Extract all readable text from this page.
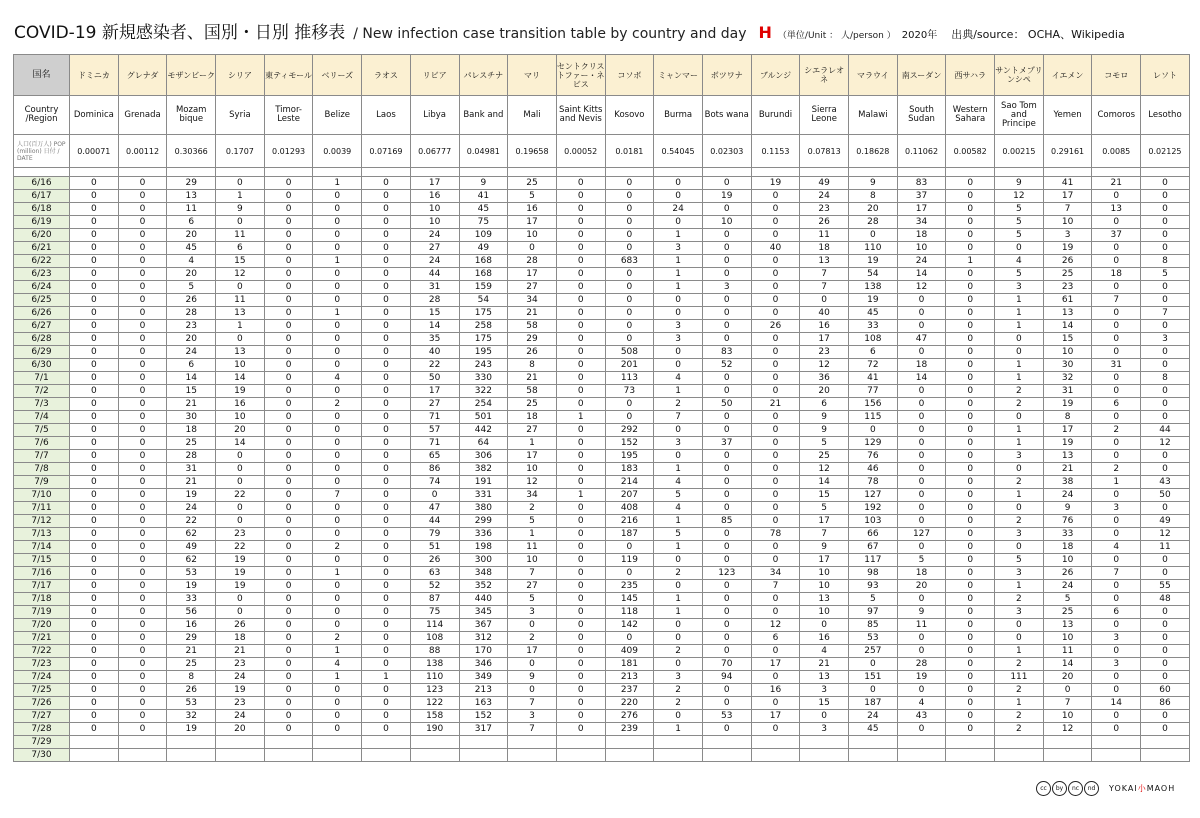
COVID-19 新規感染者、国別・日別 推移表 / New infection case transition table by country and day H （単位/Unit ： 人/person ） 2020年 出典/source： OCHA、Wikipedia
国名	ドミニカ	グレナダ	モザンビーク	シリア	東ティモール	ベリーズ	ラオス	リビア	パレスチナ	マリ	セントクリストファー・ネビス	コソボ	ミャンマー	ボツワナ	ブルンジ	シエラレオネ	マラウイ	南スーダン	西サハラ	サントメプリンシペ	イエメン	コモロ	レソト
Country /Region	Dominica	Grenada	Mozam bique	Syria	Timor- Leste	Belize	Laos	Libya	Bank and	Mali	Saint Kitts and Nevis	Kosovo	Burma	Bots wana	Burundi	Sierra Leone	Malawi	South Sudan	Western Sahara	Sao Tom and Principe	Yemen	Comoros	Lesotho
人口(百万人) POP (million) 日付 / DATE	0.00071	0.00112	0.30366	0.1707	0.01293	0.0039	0.07169	0.06777	0.04981	0.19658	0.00052	0.0181	0.54045	0.02303	0.1153	0.07813	0.18628	0.11062	0.00582	0.00215	0.29161	0.0085	0.02125

6/16	0	0	29	0	0	1	0	17	9	25	0	0	0	0	19	49	9	83	0	9	41	21	0
6/17	0	0	13	1	0	0	0	16	41	5	0	0	0	19	0	24	8	37	0	12	17	0	0
6/18	0	0	11	9	0	0	0	10	45	16	0	0	24	0	0	23	20	17	0	5	7	13	0
6/19	0	0	6	0	0	0	0	10	75	17	0	0	0	10	0	26	28	34	0	5	10	0	0
6/20	0	0	20	11	0	0	0	24	109	10	0	0	1	0	0	11	0	18	0	5	3	37	0
6/21	0	0	45	6	0	0	0	27	49	0	0	0	3	0	40	18	110	10	0	0	19	0	0
6/22	0	0	4	15	0	1	0	24	168	28	0	683	1	0	0	13	19	24	1	4	26	0	8
6/23	0	0	20	12	0	0	0	44	168	17	0	0	1	0	0	7	54	14	0	5	25	18	5
6/24	0	0	5	0	0	0	0	31	159	27	0	0	1	3	0	7	138	12	0	3	23	0	0
6/25	0	0	26	11	0	0	0	28	54	34	0	0	0	0	0	0	19	0	0	1	61	7	0
6/26	0	0	28	13	0	1	0	15	175	21	0	0	0	0	0	40	45	0	0	1	13	0	7
6/27	0	0	23	1	0	0	0	14	258	58	0	0	3	0	26	16	33	0	0	1	14	0	0
6/28	0	0	20	0	0	0	0	35	175	29	0	0	3	0	0	17	108	47	0	0	15	0	3
6/29	0	0	24	13	0	0	0	40	195	26	0	508	0	83	0	23	6	0	0	0	10	0	0
6/30	0	0	6	10	0	0	0	22	243	8	0	201	0	52	0	12	72	18	0	1	30	31	0
7/1	0	0	14	14	0	4	0	50	330	21	0	113	4	0	0	36	41	14	0	1	32	0	8
7/2	0	0	15	19	0	0	0	17	322	58	0	73	1	0	0	20	77	0	0	2	31	0	0
7/3	0	0	21	16	0	2	0	27	254	25	0	0	2	50	21	6	156	0	0	2	19	6	0
7/4	0	0	30	10	0	0	0	71	501	18	1	0	7	0	0	9	115	0	0	0	8	0	0
7/5	0	0	18	20	0	0	0	57	442	27	0	292	0	0	0	9	0	0	0	1	17	2	44
7/6	0	0	25	14	0	0	0	71	64	1	0	152	3	37	0	5	129	0	0	1	19	0	12
7/7	0	0	28	0	0	0	0	65	306	17	0	195	0	0	0	25	76	0	0	3	13	0	0
7/8	0	0	31	0	0	0	0	86	382	10	0	183	1	0	0	12	46	0	0	0	21	2	0
7/9	0	0	21	0	0	0	0	74	191	12	0	214	4	0	0	14	78	0	0	2	38	1	43
7/10	0	0	19	22	0	7	0	0	331	34	1	207	5	0	0	15	127	0	0	1	24	0	50
7/11	0	0	24	0	0	0	0	47	380	2	0	408	4	0	0	5	192	0	0	0	9	3	0
7/12	0	0	22	0	0	0	0	44	299	5	0	216	1	85	0	17	103	0	0	2	76	0	49
7/13	0	0	62	23	0	0	0	79	336	1	0	187	5	0	78	7	66	127	0	3	33	0	12
7/14	0	0	49	22	0	2	0	51	198	11	0	0	1	0	0	9	67	0	0	0	18	4	11
7/15	0	0	62	19	0	0	0	26	300	10	0	119	0	0	0	17	117	5	0	5	10	0	0
7/16	0	0	53	19	0	1	0	63	348	7	0	0	2	123	34	10	98	18	0	3	26	7	0
7/17	0	0	19	19	0	0	0	52	352	27	0	235	0	0	7	10	93	20	0	1	24	0	55
7/18	0	0	33	0	0	0	0	87	440	5	0	145	1	0	0	13	5	0	0	2	5	0	48
7/19	0	0	56	0	0	0	0	75	345	3	0	118	1	0	0	10	97	9	0	3	25	6	0
7/20	0	0	16	26	0	0	0	114	367	0	0	142	0	0	12	0	85	11	0	0	13	0	0
7/21	0	0	29	18	0	2	0	108	312	2	0	0	0	0	6	16	53	0	0	0	10	3	0
7/22	0	0	21	21	0	1	0	88	170	17	0	409	2	0	0	4	257	0	0	1	11	0	0
7/23	0	0	25	23	0	4	0	138	346	0	0	181	0	70	17	21	0	28	0	2	14	3	0
7/24	0	0	8	24	0	1	1	110	349	9	0	213	3	94	0	13	151	19	0	111	20	0	0
7/25	0	0	26	19	0	0	0	123	213	0	0	237	2	0	16	3	0	0	0	2	0	0	60
7/26	0	0	53	23	0	0	0	122	163	7	0	220	2	0	0	15	187	4	0	1	7	14	86
7/27	0	0	32	24	0	0	0	158	152	3	0	276	0	53	17	0	24	43	0	2	10	0	0
7/28	0	0	19	20	0	0	0	190	317	7	0	239	1	0	0	3	45	0	0	2	12	0	0
7/29																							
7/30																							
cc	by	nc	nd	YOKAI小MAOH
